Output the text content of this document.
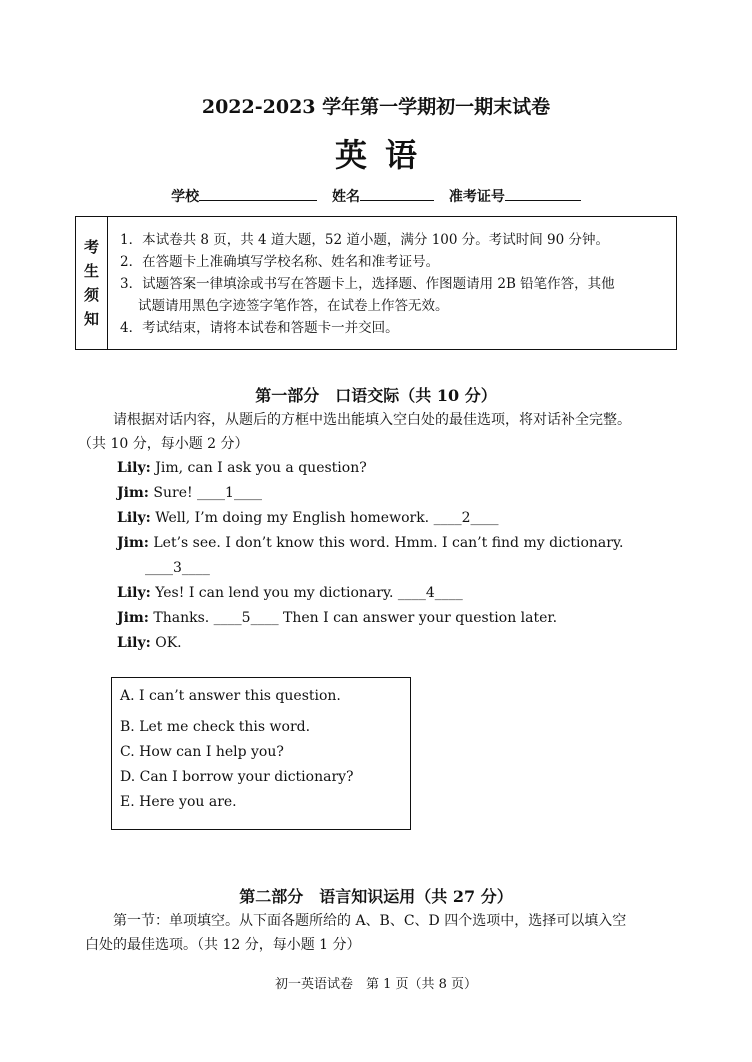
2022-2023 学年第一学期初一期末试卷
英语
学校	姓名	准考证号
考
生
须
知
1．本试卷共 8 页，共 4 道大题，52 道小题，满分 100 分。考试时间 90 分钟。
2．在答题卡上准确填写学校名称、姓名和准考证号。
3．试题答案一律填涂或书写在答题卡上，选择题、作图题请用 2B 铅笔作答，其他
试题请用黑色字迹签字笔作答，在试卷上作答无效。
4．考试结束，请将本试卷和答题卡一并交回。
第一部分　口语交际（共 10 分）
请根据对话内容，从题后的方框中选出能填入空白处的最佳选项，将对话补全完整。
（共 10 分，每小题 2 分）
Lily: Jim, can I ask you a question?
Jim: Sure! ____1____
Lily: Well, I’m doing my English homework. ____2____
Jim: Let’s see. I don’t know this word. Hmm. I can’t find my dictionary.
____3____
Lily: Yes! I can lend you my dictionary. ____4____
Jim: Thanks. ____5____ Then I can answer your question later.
Lily: OK.
A. I can’t answer this question.
B. Let me check this word.
C. How can I help you?
D. Can I borrow your dictionary?
E. Here you are.
第二部分　语言知识运用（共 27 分）
第一节：单项填空。从下面各题所给的 A、B、C、D 四个选项中，选择可以填入空
白处的最佳选项。（共 12 分，每小题 1 分）
初一英语试卷　第 1 页（共 8 页）
